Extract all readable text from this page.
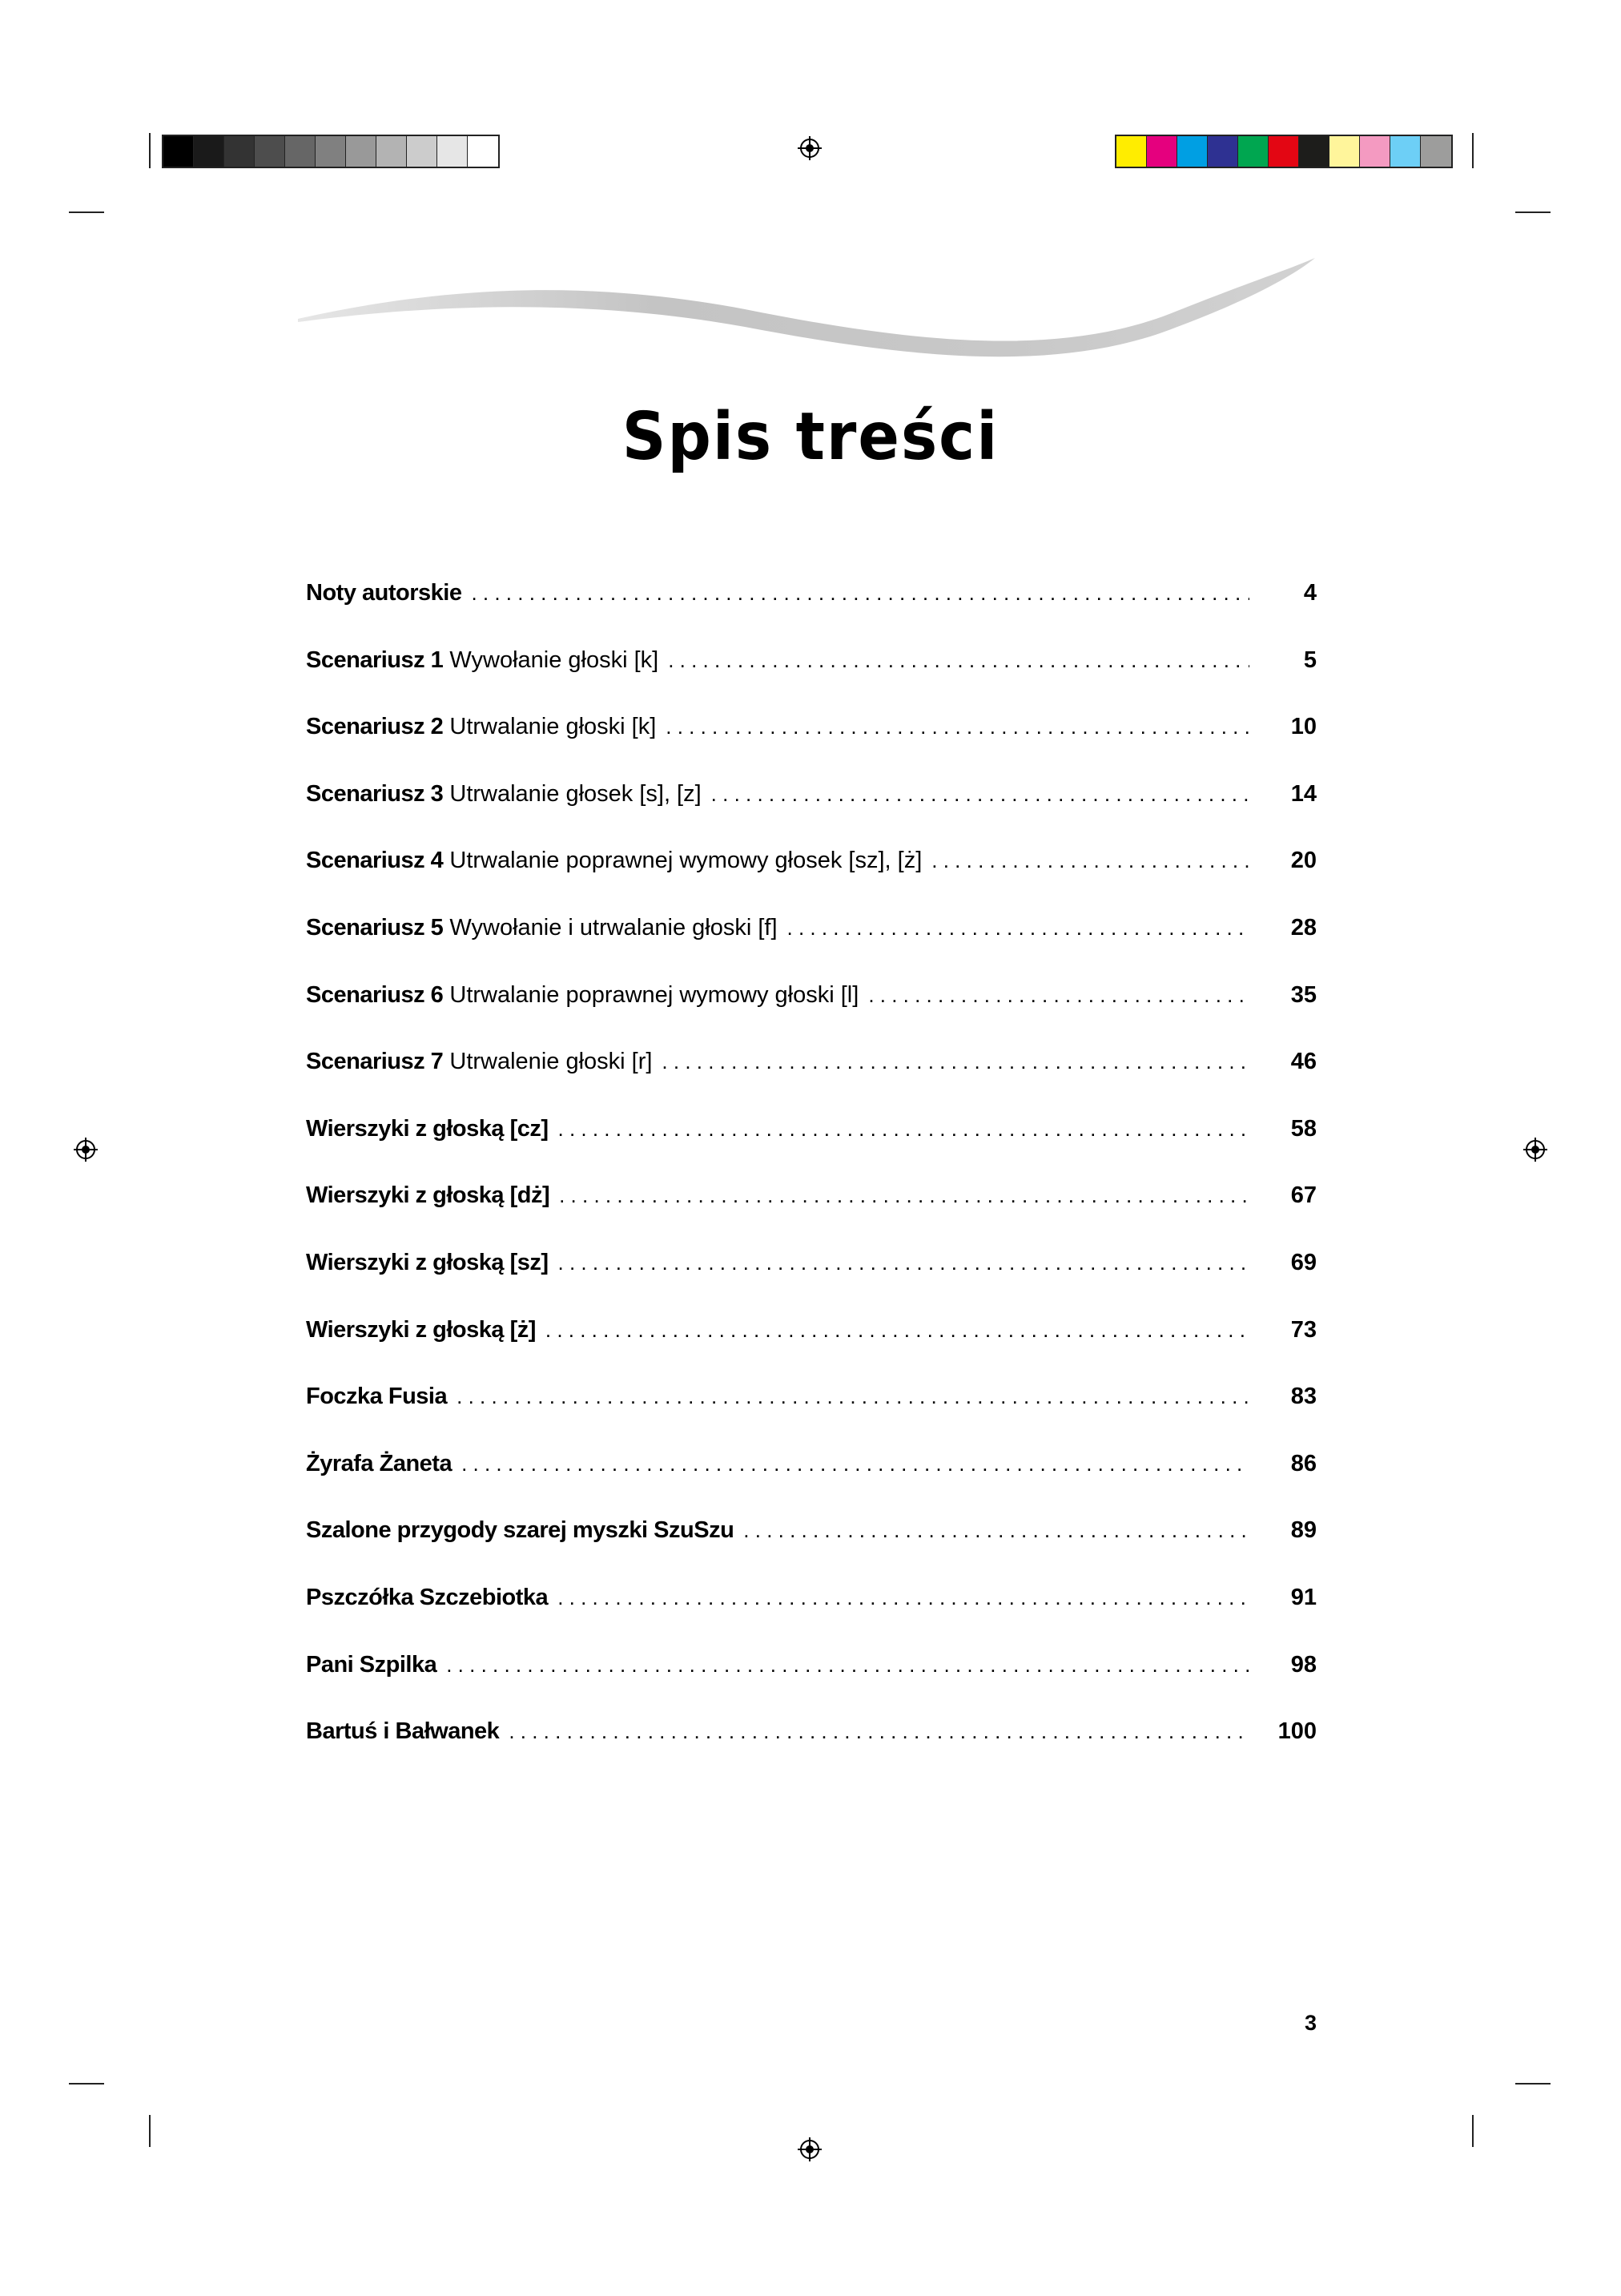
Spis treści
Noty autorskie . . .	4
Scenariusz 1 Wywołanie głoski [k] . . .	5
Scenariusz 2 Utrwalanie głoski [k] . . .	10
Scenariusz 3 Utrwalanie głosek [s], [z] . . .	14
Scenariusz 4 Utrwalanie poprawnej wymowy głosek [sz], [ż] . . .	20
Scenariusz 5 Wywołanie i utrwalanie głoski [f] . . .	28
Scenariusz 6 Utrwalanie poprawnej wymowy głoski [l] . . .	35
Scenariusz 7 Utrwalenie głoski [r] . . .	46
Wierszyki z głoską [cz] . . .	58
Wierszyki z głoską [dż] . . .	67
Wierszyki z głoską [sz] . . .	69
Wierszyki z głoską [ż] . . .	73
Foczka Fusia . . .	83
Żyrafa Żaneta . . .	86
Szalone przygody szarej myszki SzuSzu . . .	89
Pszczółka Szczebiotka . . .	91
Pani Szpilka . . .	98
Bartuś i Bałwanek . . .	100
3
